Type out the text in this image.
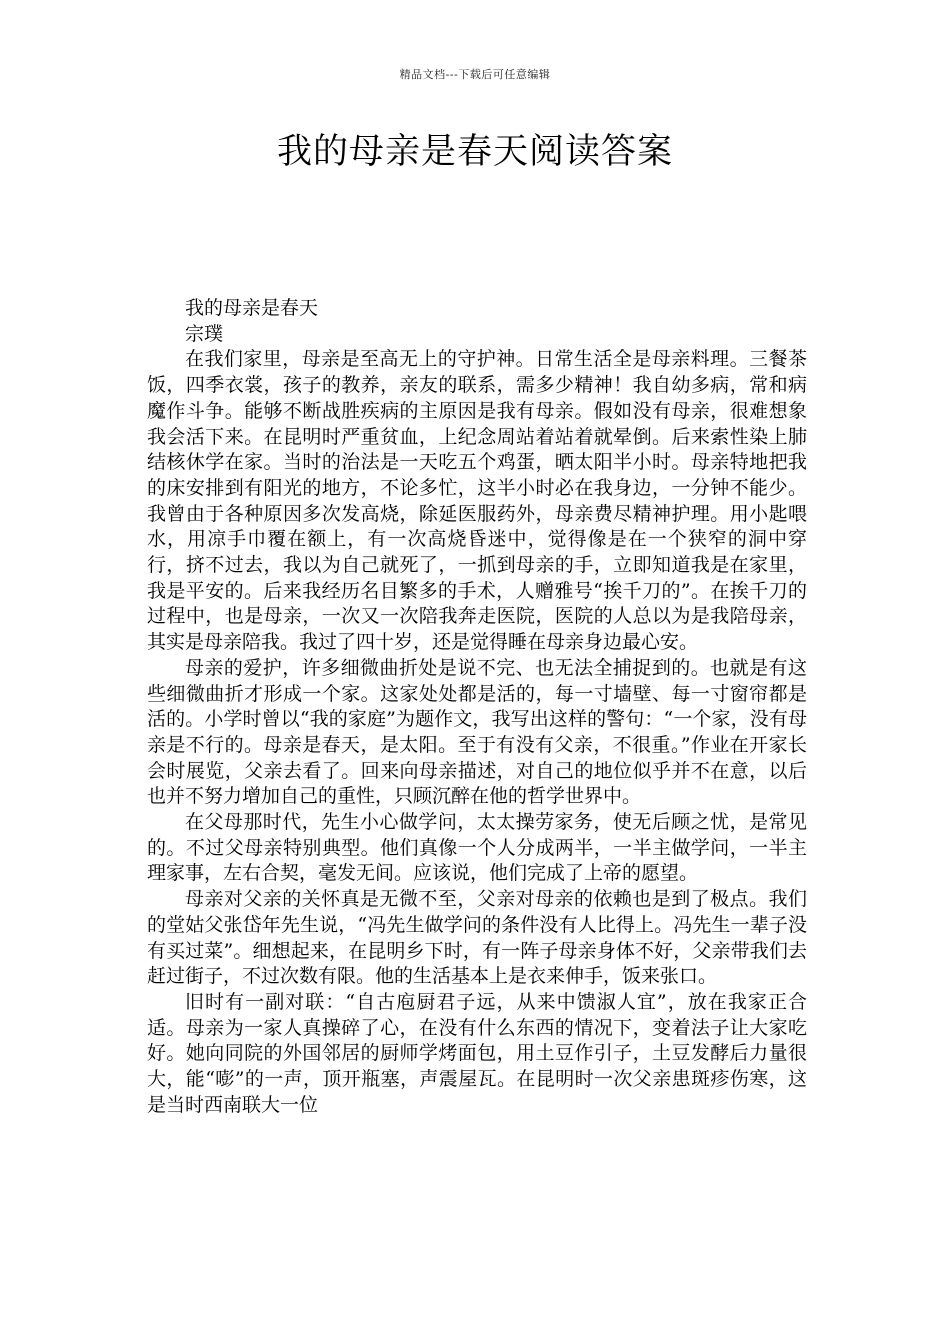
精品文档---下载后可任意编辑
我的母亲是春天阅读答案

我的母亲是春天

宗璞

在我们家里，母亲是至高无上的守护神。日常生活全是母亲料理。三餐茶饭，四季衣裳，孩子的教养，亲友的联系，需多少精神！我自幼多病，常和病魔作斗争。能够不断战胜疾病的主原因是我有母亲。假如没有母亲，很难想象我会活下来。在昆明时严重贫血，上纪念周站着站着就晕倒。后来索性染上肺结核休学在家。当时的治法是一天吃五个鸡蛋，晒太阳半小时。母亲特地把我的床安排到有阳光的地方，不论多忙，这半小时必在我身边，一分钟不能少。我曾由于各种原因多次发高烧，除延医服药外，母亲费尽精神护理。用小匙喂水，用凉手巾覆在额上，有一次高烧昏迷中，觉得像是在一个狭窄的洞中穿行，挤不过去，我以为自己就死了，一抓到母亲的手，立即知道我是在家里，我是平安的。后来我经历名目繁多的手术，人赠雅号“挨千刀的”。在挨千刀的过程中，也是母亲，一次又一次陪我奔走医院，医院的人总以为是我陪母亲，其实是母亲陪我。我过了四十岁，还是觉得睡在母亲身边最心安。

母亲的爱护，许多细微曲折处是说不完、也无法全捕捉到的。也就是有这些细微曲折才形成一个家。这家处处都是活的，每一寸墙壁、每一寸窗帘都是活的。小学时曾以“我的家庭”为题作文，我写出这样的警句：“一个家，没有母亲是不行的。母亲是春天，是太阳。至于有没有父亲，不很重。”作业在开家长会时展览，父亲去看了。回来向母亲描述，对自己的地位似乎并不在意，以后也并不努力增加自己的重性，只顾沉醉在他的哲学世界中。

在父母那时代，先生小心做学问，太太操劳家务，使无后顾之忧，是常见的。不过父母亲特别典型。他们真像一个人分成两半，一半主做学问，一半主理家事，左右合契，毫发无间。应该说，他们完成了上帝的愿望。

母亲对父亲的关怀真是无微不至，父亲对母亲的依赖也是到了极点。我们的堂姑父张岱年先生说，“冯先生做学问的条件没有人比得上。冯先生一辈子没有买过菜”。细想起来，在昆明乡下时，有一阵子母亲身体不好，父亲带我们去赶过街子，不过次数有限。他的生活基本上是衣来伸手，饭来张口。

旧时有一副对联：“自古庖厨君子远，从来中馈淑人宜”，放在我家正合适。母亲为一家人真操碎了心，在没有什么东西的情况下，变着法子让大家吃好。她向同院的外国邻居的厨师学烤面包，用土豆作引子，土豆发酵后力量很大，能“嘭”的一声，顶开瓶塞，声震屋瓦。在昆明时一次父亲患斑疹伤寒，这是当时西南联大一位
